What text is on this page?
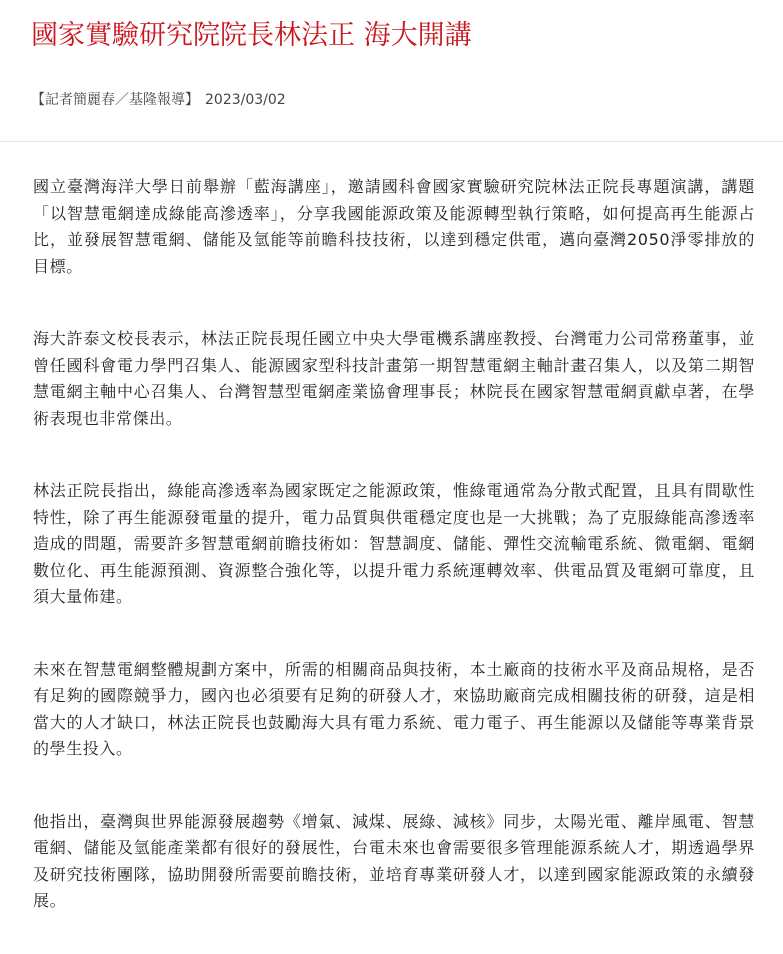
國家實驗研究院院長林法正 海大開講
【記者簡麗春／基隆報導】 2023/03/02

國立臺灣海洋大學日前舉辦「藍海講座」，邀請國科會國家實驗研究院林法正院長專題演講，講題「以智慧電網達成綠能高滲透率」，分享我國能源政策及能源轉型執行策略，如何提高再生能源占比，並發展智慧電網、儲能及氫能等前瞻科技技術，以達到穩定供電，邁向臺灣2050淨零排放的目標。

海大許泰文校長表示，林法正院長現任國立中央大學電機系講座教授、台灣電力公司常務董事，並曾任國科會電力學門召集人、能源國家型科技計畫第一期智慧電網主軸計畫召集人，以及第二期智慧電網主軸中心召集人、台灣智慧型電網產業協會理事長；林院長在國家智慧電網貢獻卓著，在學術表現也非常傑出。

林法正院長指出，綠能高滲透率為國家既定之能源政策，惟綠電通常為分散式配置，且具有間歇性特性，除了再生能源發電量的提升，電力品質與供電穩定度也是一大挑戰；為了克服綠能高滲透率造成的問題，需要許多智慧電網前瞻技術如：智慧調度、儲能、彈性交流輸電系統、微電網、電網數位化、再生能源預測、資源整合強化等，以提升電力系統運轉效率、供電品質及電網可靠度，且須大量佈建。

未來在智慧電網整體規劃方案中，所需的相關商品與技術，本土廠商的技術水平及商品規格，是否有足夠的國際競爭力，國內也必須要有足夠的研發人才，來協助廠商完成相關技術的研發，這是相當大的人才缺口，林法正院長也鼓勵海大具有電力系統、電力電子、再生能源以及儲能等專業背景的學生投入。

他指出，臺灣與世界能源發展趨勢《增氣、減煤、展綠、減核》同步，太陽光電、離岸風電、智慧電網、儲能及氫能產業都有很好的發展性，台電未來也會需要很多管理能源系統人才，期透過學界及研究技術團隊，協助開發所需要前瞻技術，並培育專業研發人才，以達到國家能源政策的永續發展。
